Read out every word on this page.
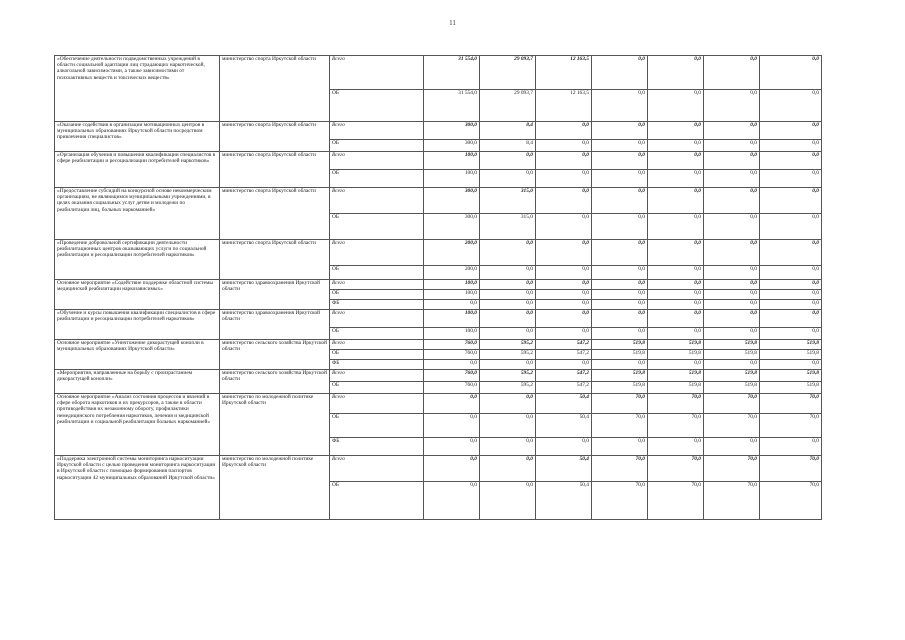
11
«Обеспечение деятельности подведомственных учреждений в области социальной адаптации лиц страдающих наркотической, алкогольной зависимостями, а также зависимостями от психоактивных веществ и токсических веществ»	министерство спорта Иркутской области	Всего	31 554,0	29 093,7	12 163,5	0,0	0,0	0,0	0,0
		ОБ	31 554,0	29 093,7	12 163,5	0,0	0,0	0,0	0,0
«Оказание содействия в организации мотивационных центров в муниципальных образованиях Иркутской области посредством привлечения специалистов»	министерство спорта Иркутской области	Всего	300,0	8,4	0,0	0,0	0,0	0,0	0,0
		ОБ	300,0	8,4	0,0	0,0	0,0	0,0	0,0
«Организация обучения и повышения квалификации специалистов в сфере реабилитации и ресоциализации потребителей наркотиков»	министерство спорта Иркутской области	Всего	100,0	0,0	0,0	0,0	0,0	0,0	0,0
		ОБ	100,0	0,0	0,0	0,0	0,0	0,0	0,0
«Предоставление субсидий на конкурсной основе некоммерческим организациям, не являющимся муниципальными учреждениями, в целях оказания социальных услуг детям и молодежи по реабилитации лиц, больных наркоманией»	министерство спорта Иркутской области	Всего	300,0	315,0	0,0	0,0	0,0	0,0	0,0
		ОБ	300,0	315,0	0,0	0,0	0,0	0,0	0,0
«Проведение добровольной сертификации деятельности реабилитационных центров оказывающих услуги по социальной реабилитации и ресоциализации потребителей наркотиков»	министерство спорта Иркутской области	Всего	200,0	0,0	0,0	0,0	0,0	0,0	0,0
		ОБ	200,0	0,0	0,0	0,0	0,0	0,0	0,0
Основное мероприятие «Содействие поддержке областной системы медицинской реабилитации наркозависимых»	министерство здравоохранения Иркутской области	Всего	100,0	0,0	0,0	0,0	0,0	0,0	0,0
		ОБ	100,0	0,0	0,0	0,0	0,0	0,0	0,0
		ФБ	0,0	0,0	0,0	0,0	0,0	0,0	0,0
«Обучение и курсы повышения квалификации специалистов в сфере реабилитации и ресоциализации потребителей наркотиков»	министерство здравоохранения Иркутской области	Всего	100,0	0,0	0,0	0,0	0,0	0,0	0,0
		ОБ	100,0	0,0	0,0	0,0	0,0	0,0	0,0
Основное мероприятие «Уничтожение дикорастущей конопли в муниципальных образованиях Иркутской области»	министерство сельского хозяйства Иркутской области	Всего	760,0	595,2	547,2	519,8	519,8	519,8	519,8
		ОБ	760,0	595,2	547,2	519,8	519,8	519,8	519,8
		ФБ	0,0	0,0	0,0	0,0	0,0	0,0	0,0
«Мероприятия, направленные на борьбу с произрастанием дикорастущей конопли»	министерство сельского хозяйства Иркутской области	Всего	760,0	595,2	547,2	519,8	519,8	519,8	519,8
		ОБ	760,0	595,2	547,2	519,8	519,8	519,8	519,8
Основное мероприятие «Анализ состояния процессов и явлений в сфере оборота наркотиков и их прекурсоров, а также в области противодействия их незаконному обороту, профилактики немедицинского потребления наркотиков, лечения и медицинской реабилитации и социальной реабилитации больных наркоманией»	министерство по молодежной политике Иркутской области	Всего	0,0	0,0	50,4	70,0	70,0	70,0	70,0
		ОБ	0,0	0,0	50,4	70,0	70,0	70,0	70,0
		ФБ	0,0	0,0	0,0	0,0	0,0	0,0	0,0
«Поддержка электронной системы мониторинга наркоситуации Иркутской области с целью проведения мониторинга наркоситуации в Иркутской области с помощью формирования паспортов наркоситуации 42 муниципальных образований Иркутской области»	министерство по молодежной политике Иркутской области	Всего	0,0	0,0	50,4	70,0	70,0	70,0	70,0
		ОБ	0,0	0,0	50,4	70,0	70,0	70,0	70,0
